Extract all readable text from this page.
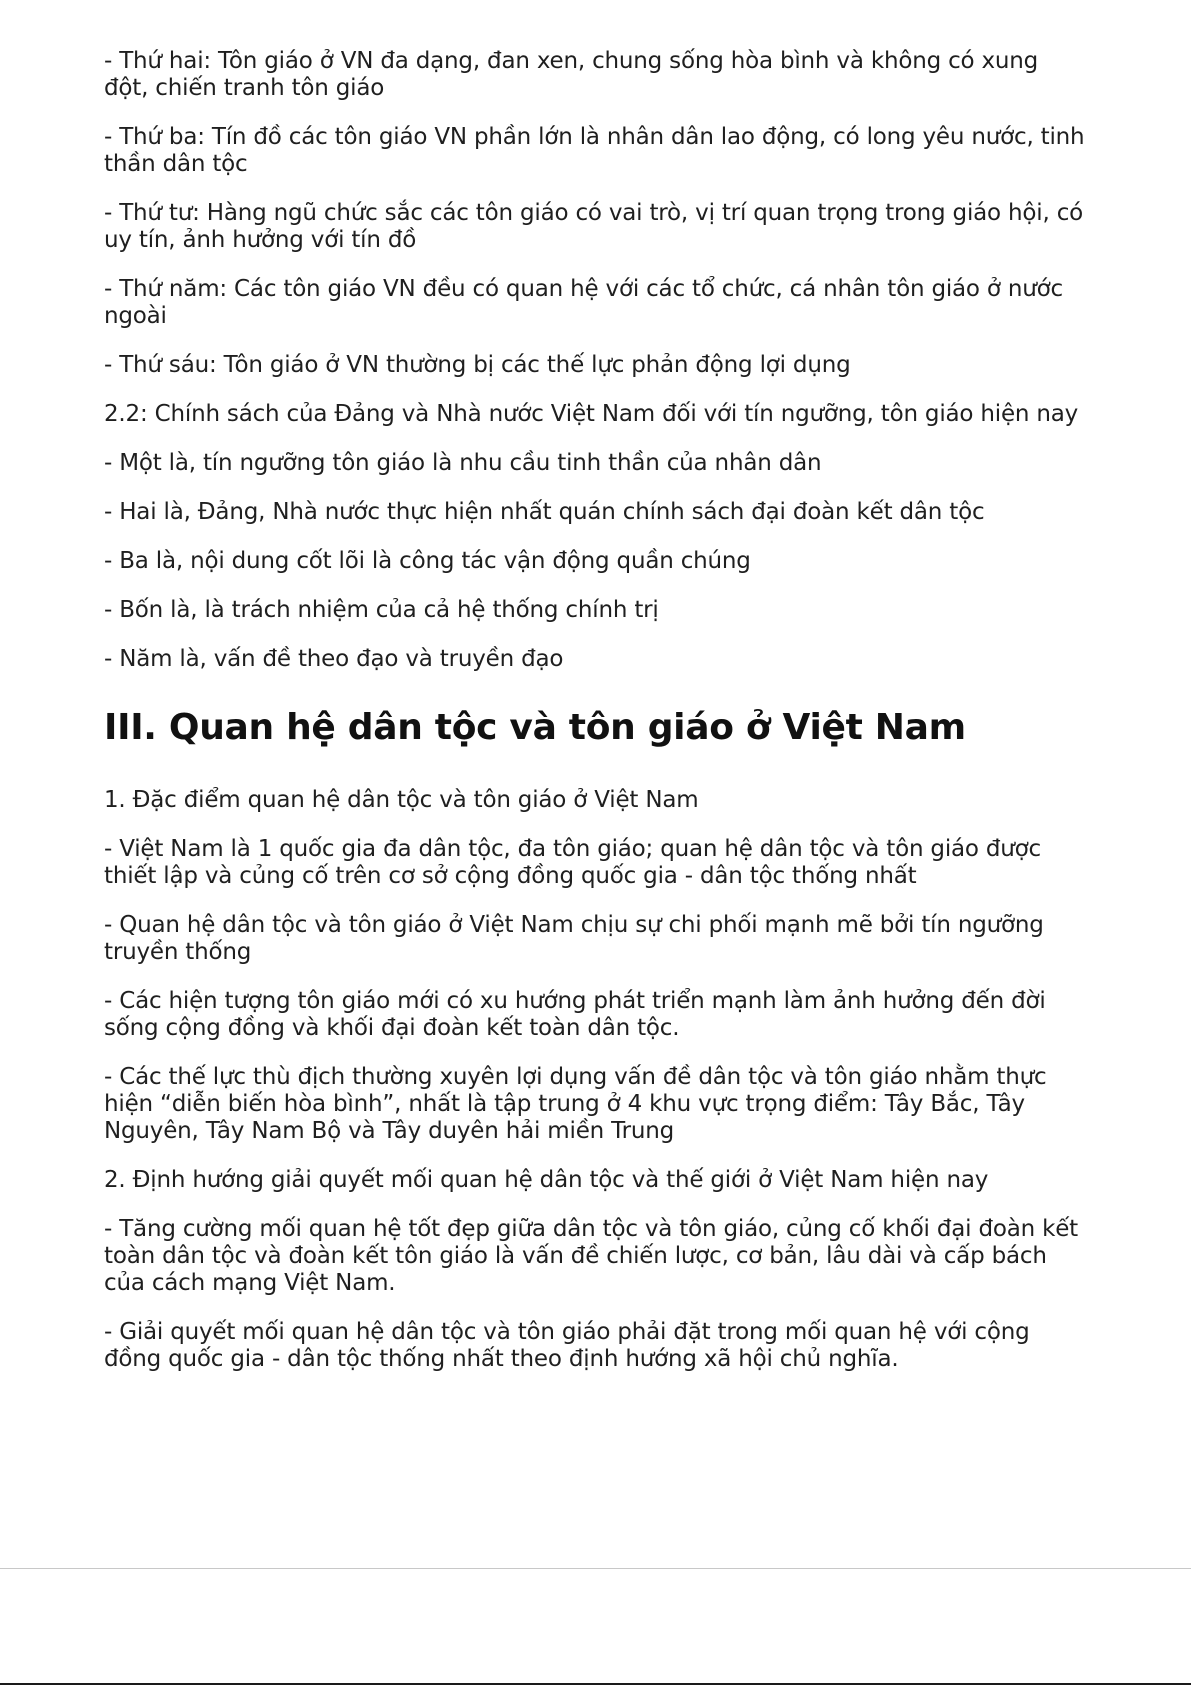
- Thứ hai: Tôn giáo ở VN đa dạng, đan xen, chung sống hòa bình và không có xung đột, chiến tranh tôn giáo

- Thứ ba: Tín đồ các tôn giáo VN phần lớn là nhân dân lao động, có long yêu nước, tinh thần dân tộc

- Thứ tư: Hàng ngũ chức sắc các tôn giáo có vai trò, vị trí quan trọng trong giáo hội, có uy tín, ảnh hưởng với tín đồ

- Thứ năm: Các tôn giáo VN đều có quan hệ với các tổ chức, cá nhân tôn giáo ở nước ngoài

- Thứ sáu: Tôn giáo ở VN thường bị các thế lực phản động lợi dụng

2.2: Chính sách của Đảng và Nhà nước Việt Nam đối với tín ngưỡng, tôn giáo hiện nay

- Một là, tín ngưỡng tôn giáo là nhu cầu tinh thần của nhân dân

- Hai là, Đảng, Nhà nước thực hiện nhất quán chính sách đại đoàn kết dân tộc

- Ba là, nội dung cốt lõi là công tác vận động quần chúng

- Bốn là, là trách nhiệm của cả hệ thống chính trị

- Năm là, vấn đề theo đạo và truyền đạo

III. Quan hệ dân tộc và tôn giáo ở Việt Nam

1. Đặc điểm quan hệ dân tộc và tôn giáo ở Việt Nam

- Việt Nam là 1 quốc gia đa dân tộc, đa tôn giáo; quan hệ dân tộc và tôn giáo được thiết lập và củng cố trên cơ sở cộng đồng quốc gia - dân tộc thống nhất

- Quan hệ dân tộc và tôn giáo ở Việt Nam chịu sự chi phối mạnh mẽ bởi tín ngưỡng truyền thống

- Các hiện tượng tôn giáo mới có xu hướng phát triển mạnh làm ảnh hưởng đến đời sống cộng đồng và khối đại đoàn kết toàn dân tộc.

- Các thế lực thù địch thường xuyên lợi dụng vấn đề dân tộc và tôn giáo nhằm thực hiện “diễn biến hòa bình”, nhất là tập trung ở 4 khu vực trọng điểm: Tây Bắc, Tây Nguyên, Tây Nam Bộ và Tây duyên hải miền Trung

2. Định hướng giải quyết mối quan hệ dân tộc và thế giới ở Việt Nam hiện nay

- Tăng cường mối quan hệ tốt đẹp giữa dân tộc và tôn giáo, củng cố khối đại đoàn kết toàn dân tộc và đoàn kết tôn giáo là vấn đề chiến lược, cơ bản, lâu dài và cấp bách của cách mạng Việt Nam.

- Giải quyết mối quan hệ dân tộc và tôn giáo phải đặt trong mối quan hệ với cộng đồng quốc gia - dân tộc thống nhất theo định hướng xã hội chủ nghĩa.
